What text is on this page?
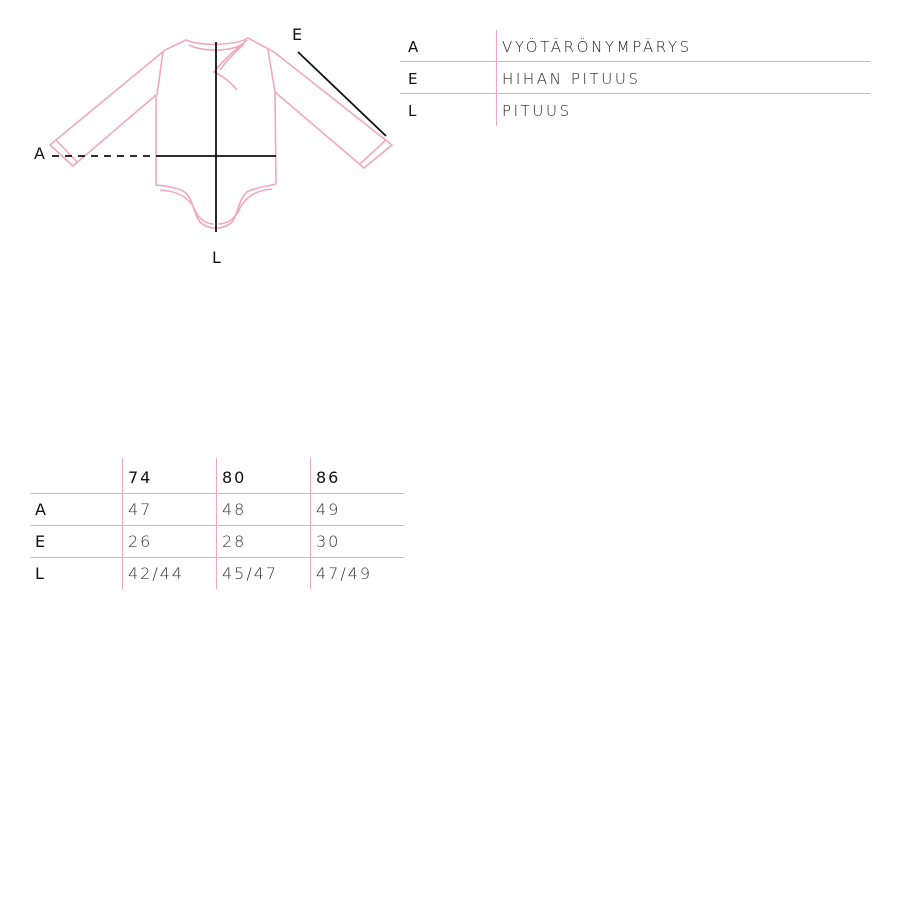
A
E
L
A	VYÖTÄRÖNYMPÄRYS
E	HIHAN PITUUS
L	PITUUS
	74	80	86
A	47	48	49
E	26	28	30
L	42/44	45/47	47/49
